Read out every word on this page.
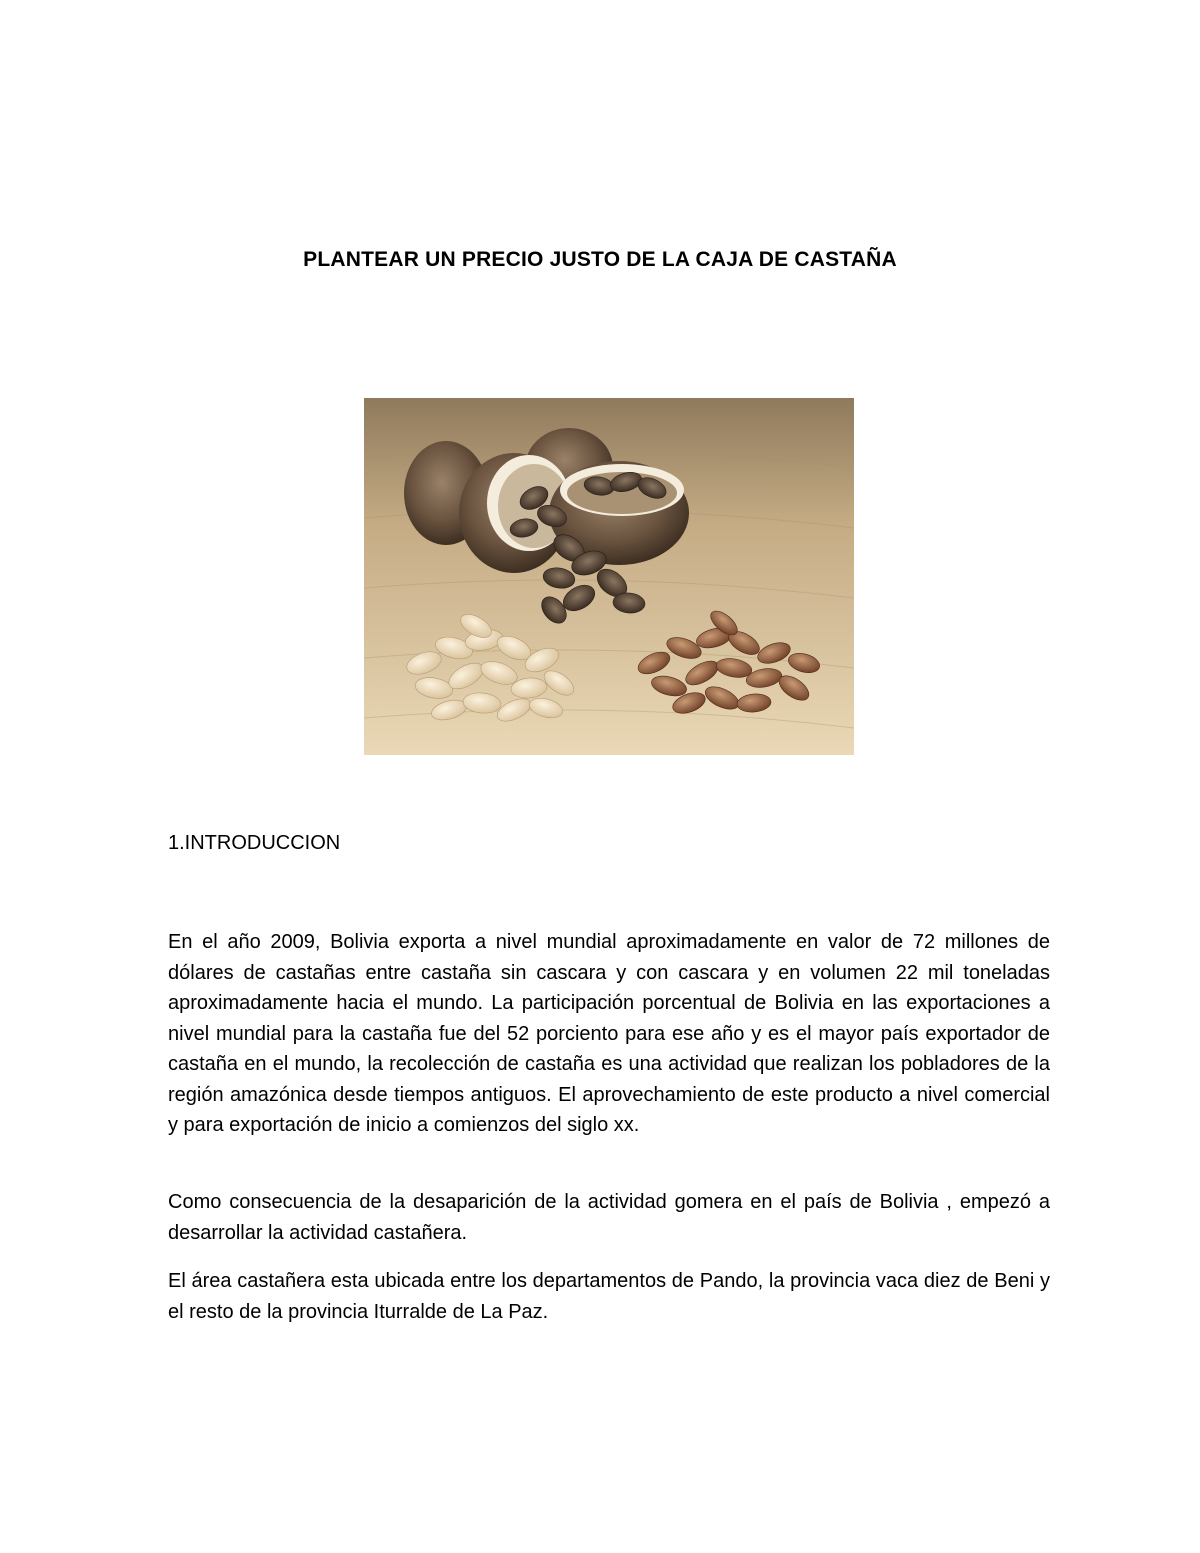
PLANTEAR UN PRECIO JUSTO DE LA CAJA DE CASTAÑA
1.INTRODUCCION

En el año 2009, Bolivia exporta a nivel mundial aproximadamente en valor de 72 millones de dólares de castañas entre castaña sin cascara y con cascara y en volumen 22 mil toneladas aproximadamente hacia el mundo. La participación porcentual de Bolivia en las exportaciones a nivel mundial para la castaña fue del 52 porciento para ese año y es el mayor país exportador de castaña en el mundo, la recolección de castaña es una actividad que realizan los pobladores de la región amazónica desde tiempos antiguos. El aprovechamiento de este producto a nivel comercial y para exportación de inicio a comienzos del siglo xx.

Como consecuencia de la desaparición de la actividad gomera en el país de Bolivia , empezó a desarrollar la actividad castañera.

El área castañera esta ubicada entre los departamentos de Pando, la provincia vaca diez de Beni y el resto de la provincia Iturralde de La Paz.
